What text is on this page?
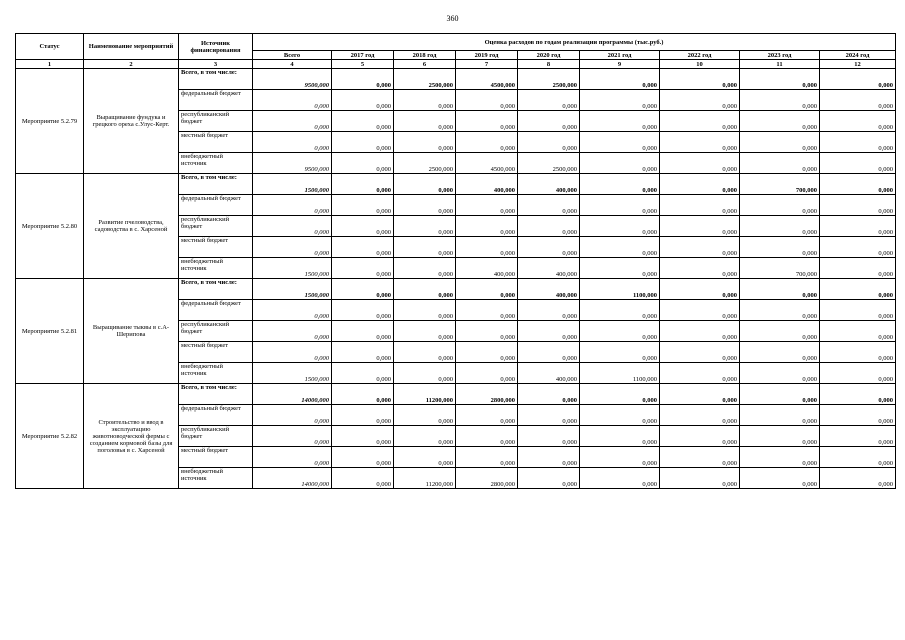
360
Статус	Наименование мероприятий	Источник финансирования	Оценка расходов по годам реализации программы (тыс.руб.)								
			Всего	2017 год	2018 год	2019 год	2020 год	2021 год	2022 год	2023 год	2024 год
1	2	3	4	5	6	7	8	9	10	11	12
Мероприятие 5.2.79	Выращивание фундука и грецкого ореха с.Улус-Керт.	Всего, в том числе:	9500,000	0,000	2500,000	4500,000	2500,000	0,000	0,000	0,000	0,000
		федеральный бюджет	0,000	0,000	0,000	0,000	0,000	0,000	0,000	0,000	0,000
		республиканский бюджет	0,000	0,000	0,000	0,000	0,000	0,000	0,000	0,000	0,000
		местный бюджет	0,000	0,000	0,000	0,000	0,000	0,000	0,000	0,000	0,000
		внебюджетный источник	9500,000	0,000	2500,000	4500,000	2500,000	0,000	0,000	0,000	0,000
Мероприятие 5.2.80	Развитие пчеловодства, садоводства в с. Харсеной	Всего, в том числе:	1500,000	0,000	0,000	400,000	400,000	0,000	0,000	700,000	0,000
		федеральный бюджет	0,000	0,000	0,000	0,000	0,000	0,000	0,000	0,000	0,000
		республиканский бюджет	0,000	0,000	0,000	0,000	0,000	0,000	0,000	0,000	0,000
		местный бюджет	0,000	0,000	0,000	0,000	0,000	0,000	0,000	0,000	0,000
		внебюджетный источник	1500,000	0,000	0,000	400,000	400,000	0,000	0,000	700,000	0,000
Мероприятие 5.2.81	Выращивание тыквы в с.А-Шерипова	Всего, в том числе:	1500,000	0,000	0,000	0,000	400,000	1100,000	0,000	0,000	0,000
		федеральный бюджет	0,000	0,000	0,000	0,000	0,000	0,000	0,000	0,000	0,000
		республиканский бюджет	0,000	0,000	0,000	0,000	0,000	0,000	0,000	0,000	0,000
		местный бюджет	0,000	0,000	0,000	0,000	0,000	0,000	0,000	0,000	0,000
		внебюджетный источник	1500,000	0,000	0,000	0,000	400,000	1100,000	0,000	0,000	0,000
Мероприятие 5.2.82	Строительство и ввод в эксплуатацию животноводческой фермы с созданием кормовой базы для поголовья в с. Харсеной	Всего, в том числе:	14000,000	0,000	11200,000	2800,000	0,000	0,000	0,000	0,000	0,000
		федеральный бюджет	0,000	0,000	0,000	0,000	0,000	0,000	0,000	0,000	0,000
		республиканский бюджет	0,000	0,000	0,000	0,000	0,000	0,000	0,000	0,000	0,000
		местный бюджет	0,000	0,000	0,000	0,000	0,000	0,000	0,000	0,000	0,000
		внебюджетный источник	14000,000	0,000	11200,000	2800,000	0,000	0,000	0,000	0,000	0,000
